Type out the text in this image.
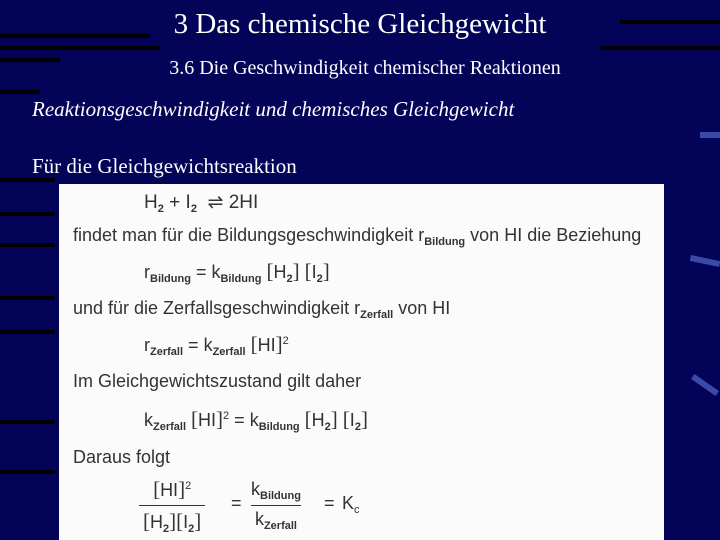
3 Das chemische Gleichgewicht
3.6 Die Geschwindigkeit chemischer Reaktionen
Reaktionsgeschwindigkeit und chemisches Gleichgewicht
Für die Gleichgewichtsreaktion
$H_2 + I_2$ ⇌ 2HI
findet man für die Bildungsgeschwindigkeit $r_{Bildung}$ von HI die Beziehung
$r_{Bildung} = k_{Bildung}$ $[H_2]$ $[I_2]$
und für die Zerfallsgeschwindigkeit $r_{Zerfall}$ von HI
$r_{Zerfall} = k_{Zerfall}$ [HI]$^2$
Im Gleichgewichtszustand gilt daher
$k_{Zerfall}$ $[HI]^2 = k_{Bildung}$ $[H_2]$ $[I_2]$
Daraus folgt
$\frac{[HI]^2}{[H_2][I_2]}$ =
$k_{Bildung}$
$k_{Zerfall}$
= $K_c$
